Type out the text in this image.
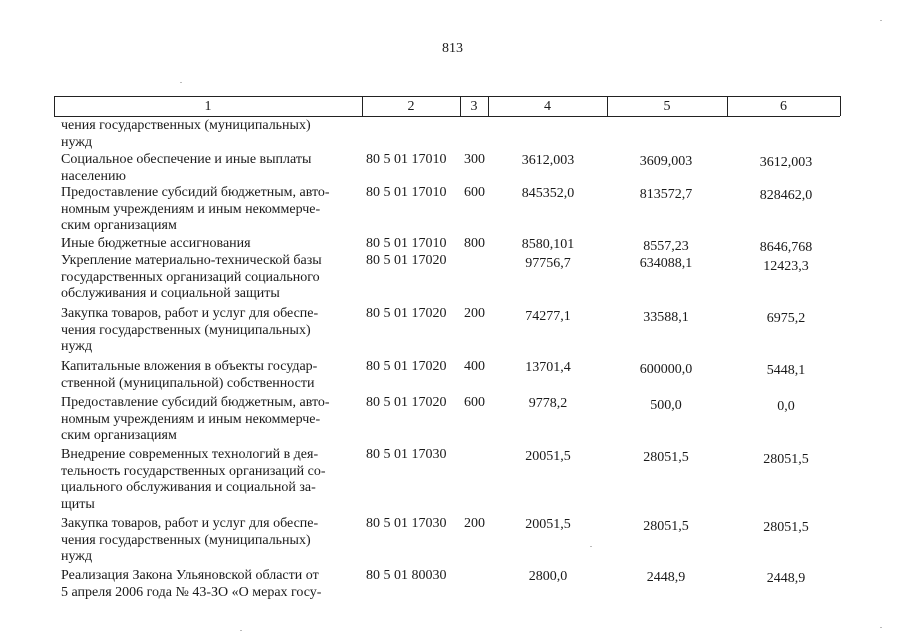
813
1	2	3	4	5	6
чения государственных (муниципальных)
нужд
Социальное обеспечение и иные выплаты
населению
80 5 01 17010 300	3612,003	3609,003	3612,003
Предоставление субсидий бюджетным, авто-
номным учреждениям и иным некоммерче-
ским организациям
80 5 01 17010 600	845352,0	813572,7	828462,0
Иные бюджетные ассигнования	80 5 01 17010 800	8580,101	8557,23	8646,768
Укрепление материально-технической базы
государственных организаций социального
обслуживания и социальной защиты
80 5 01 17020	97756,7	634088,1	12423,3
Закупка товаров, работ и услуг для обеспе-
чения государственных (муниципальных)
нужд
80 5 01 17020 200	74277,1	33588,1	6975,2
Капитальные вложения в объекты государ-
ственной (муниципальной) собственности
80 5 01 17020 400	13701,4	600000,0	5448,1
Предоставление субсидий бюджетным, авто-
номным учреждениям и иным некоммерче-
ским организациям
80 5 01 17020 600	9778,2	500,0	0,0
Внедрение современных технологий в дея-
тельность государственных организаций со-
циального обслуживания и социальной за-
щиты
80 5 01 17030	20051,5	28051,5	28051,5
Закупка товаров, работ и услуг для обеспе-
чения государственных (муниципальных)
нужд
80 5 01 17030 200	20051,5	28051,5	28051,5
Реализация Закона Ульяновской области от
5 апреля 2006 года № 43-ЗО «О мерах госу-
80 5 01 80030	2800,0	2448,9	2448,9
